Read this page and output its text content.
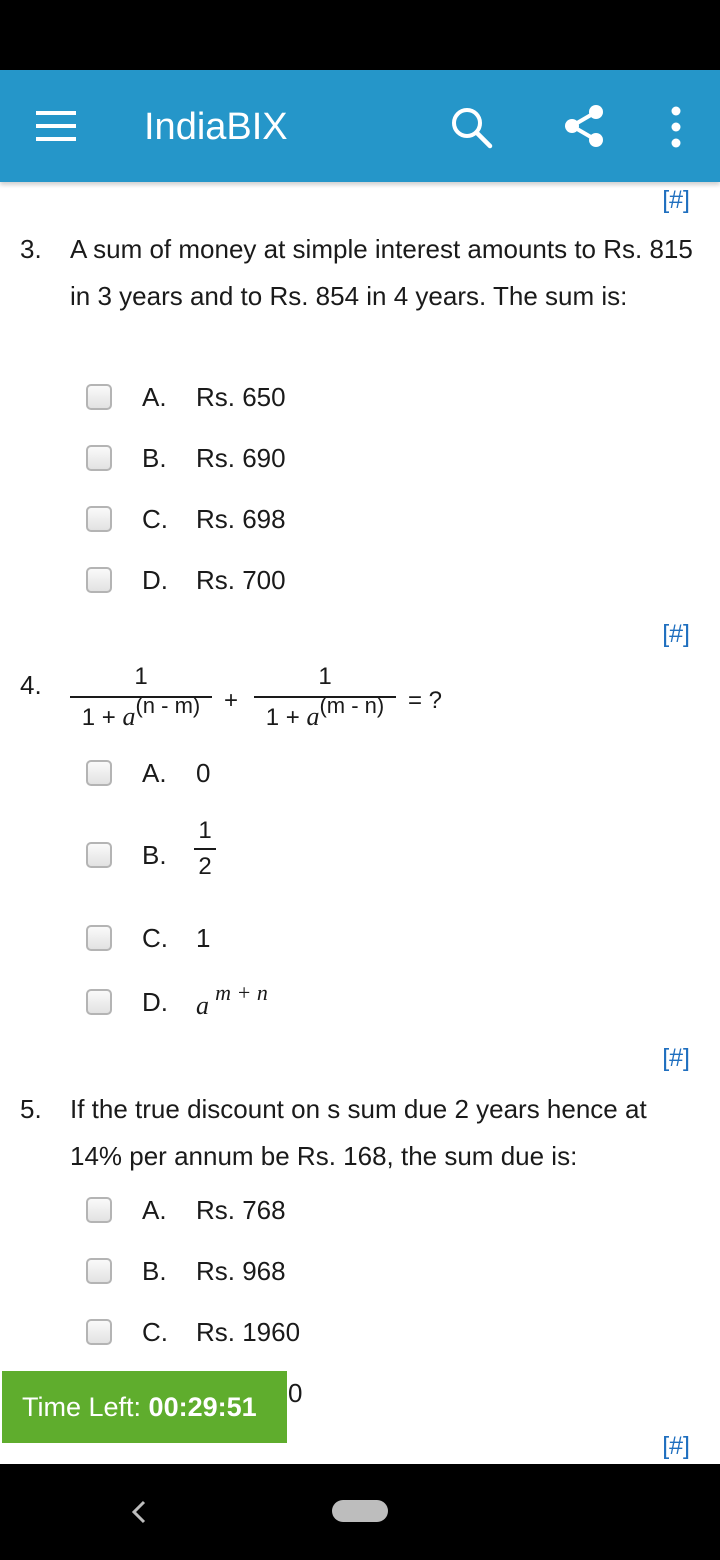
IndiaBIX
[#]
3. A sum of money at simple interest amounts to Rs. 815 in 3 years and to Rs. 854 in 4 years. The sum is:
A. Rs. 650
B. Rs. 690
C. Rs. 698
D. Rs. 700
[#]
4.	1
1 + a(n - m) +
1
1 + a(m - n) = ?
A. 0
B.
1
2
C. 1
D. a m + n
[#]
5. If the true discount on s sum due 2 years hence at 14% per annum be Rs. 168, the sum due is:
A. Rs. 768
B. Rs. 968
C. Rs. 1960
0
[#]
Time Left: 00:29:51
